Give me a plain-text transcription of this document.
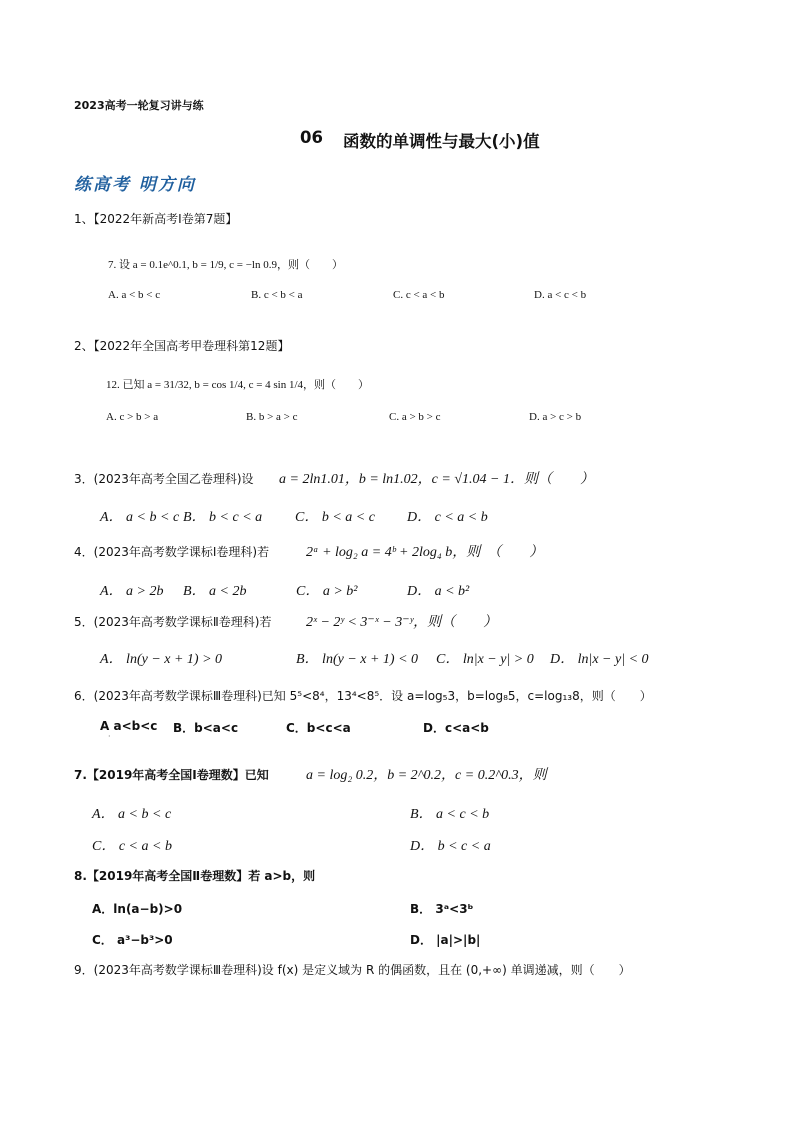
2023高考一轮复习讲与练
06 函数的单调性与最大(小)值
练高考 明方向
1、【2022年新高考Ⅰ卷第7题】
7. 设 a = 0.1e^0.1, b = 1/9, c = −ln 0.9，则（　　）
A. a < b < c	B. c < b < a	C. c < a < b	D. a < c < b
2、【2022年全国高考甲卷理科第12题】
12. 已知 a = 31/32, b = cos 1/4, c = 4 sin 1/4，则（　　）
A. c > b > a	B. b > a > c	C. a > b > c	D. a > c > b
3．(2023年高考全国乙卷理科)设 a = 2ln1.01，b = ln1.02，c = √1.04 − 1．则（　　）
A． a < b < c B． b < c < a C． b < a < c D． c < a < b
4．(2023年高考数学课标Ⅰ卷理科)若	2ᵃ + log₂ a = 4ᵇ + 2log₄ b，则　（　　）
A． a > 2b B． a < 2b	C． a > b²	D． a < b²
5．(2023年高考数学课标Ⅱ卷理科)若 2ˣ − 2ʸ < 3⁻ˣ − 3⁻ʸ，则（　　）
A． ln(y − x + 1) > 0	B． ln(y − x + 1) < 0 C． ln|x − y| > 0 D． ln|x − y| < 0
6．(2023年高考数学课标Ⅲ卷理科)已知 5⁵<8⁴，13⁴<8⁵．设 a=log₅3，b=log₈5，c=log₁₃8，则（　　）
A a<b<c B．b<a<c	C．b<c<a	D．c<a<b
·
7.【2019年高考全国Ⅰ卷理数】已知	a = log₂ 0.2，b = 2^0.2，c = 0.2^0.3，则
A． a < b < c	B． a < c < b
C． c < a < b	D． b < c < a
8.【2019年高考全国Ⅱ卷理数】若 a>b，则
A．ln(a−b)>0	B． 3ᵃ<3ᵇ
C． a³−b³>0	D． |a|>|b|
9．(2023年高考数学课标Ⅲ卷理科)设 f(x) 是定义域为 R 的偶函数，且在 (0,+∞) 单调递减，则（　　）
